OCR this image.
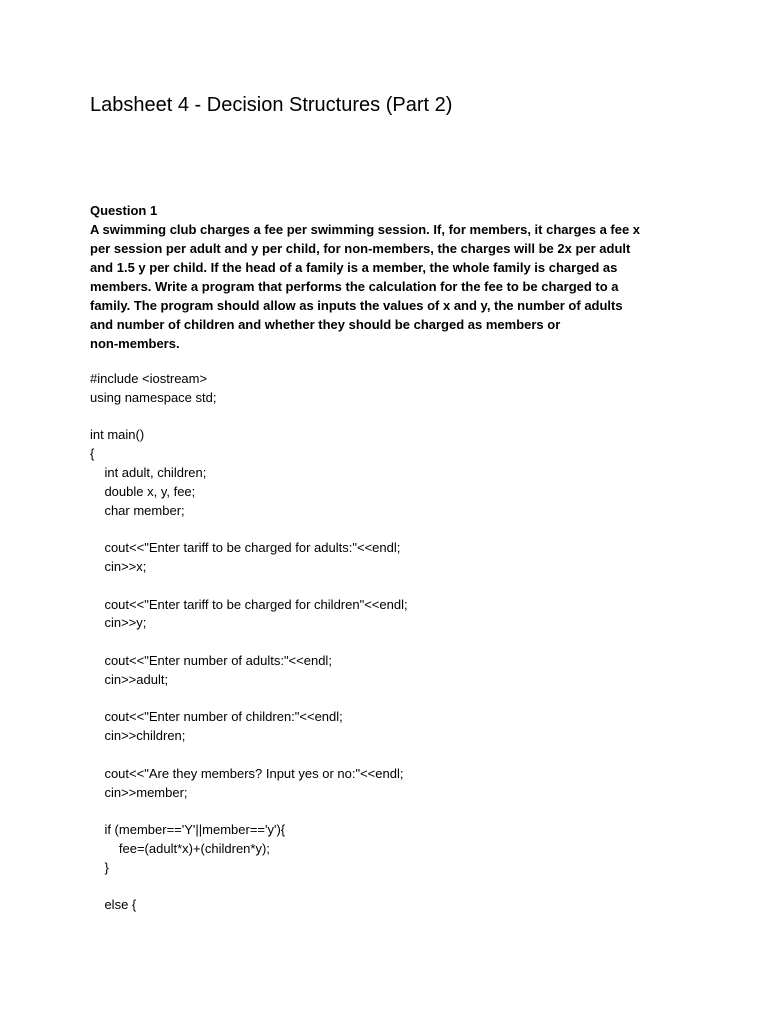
Labsheet 4 - Decision Structures (Part 2)
Question 1
A swimming club charges a fee per swimming session. If, for members, it charges a fee x
per session per adult and y per child, for non-members, the charges will be 2x per adult
and 1.5 y per child. If the head of a family is a member, the whole family is charged as
members. Write a program that performs the calculation for the fee to be charged to a
family. The program should allow as inputs the values of x and y, the number of adults
and number of children and whether they should be charged as members or
non-members.
#include <iostream>
using namespace std;
int main()
{
int adult, children;
double x, y, fee;
char member;
cout<<"Enter tariff to be charged for adults:"<<endl;
cin>>x;
cout<<"Enter tariff to be charged for children"<<endl;
cin>>y;
cout<<"Enter number of adults:"<<endl;
cin>>adult;
cout<<"Enter number of children:"<<endl;
cin>>children;
cout<<"Are they members? Input yes or no:"<<endl;
cin>>member;
if (member=='Y'||member=='y'){
fee=(adult*x)+(children*y);
}
else {
